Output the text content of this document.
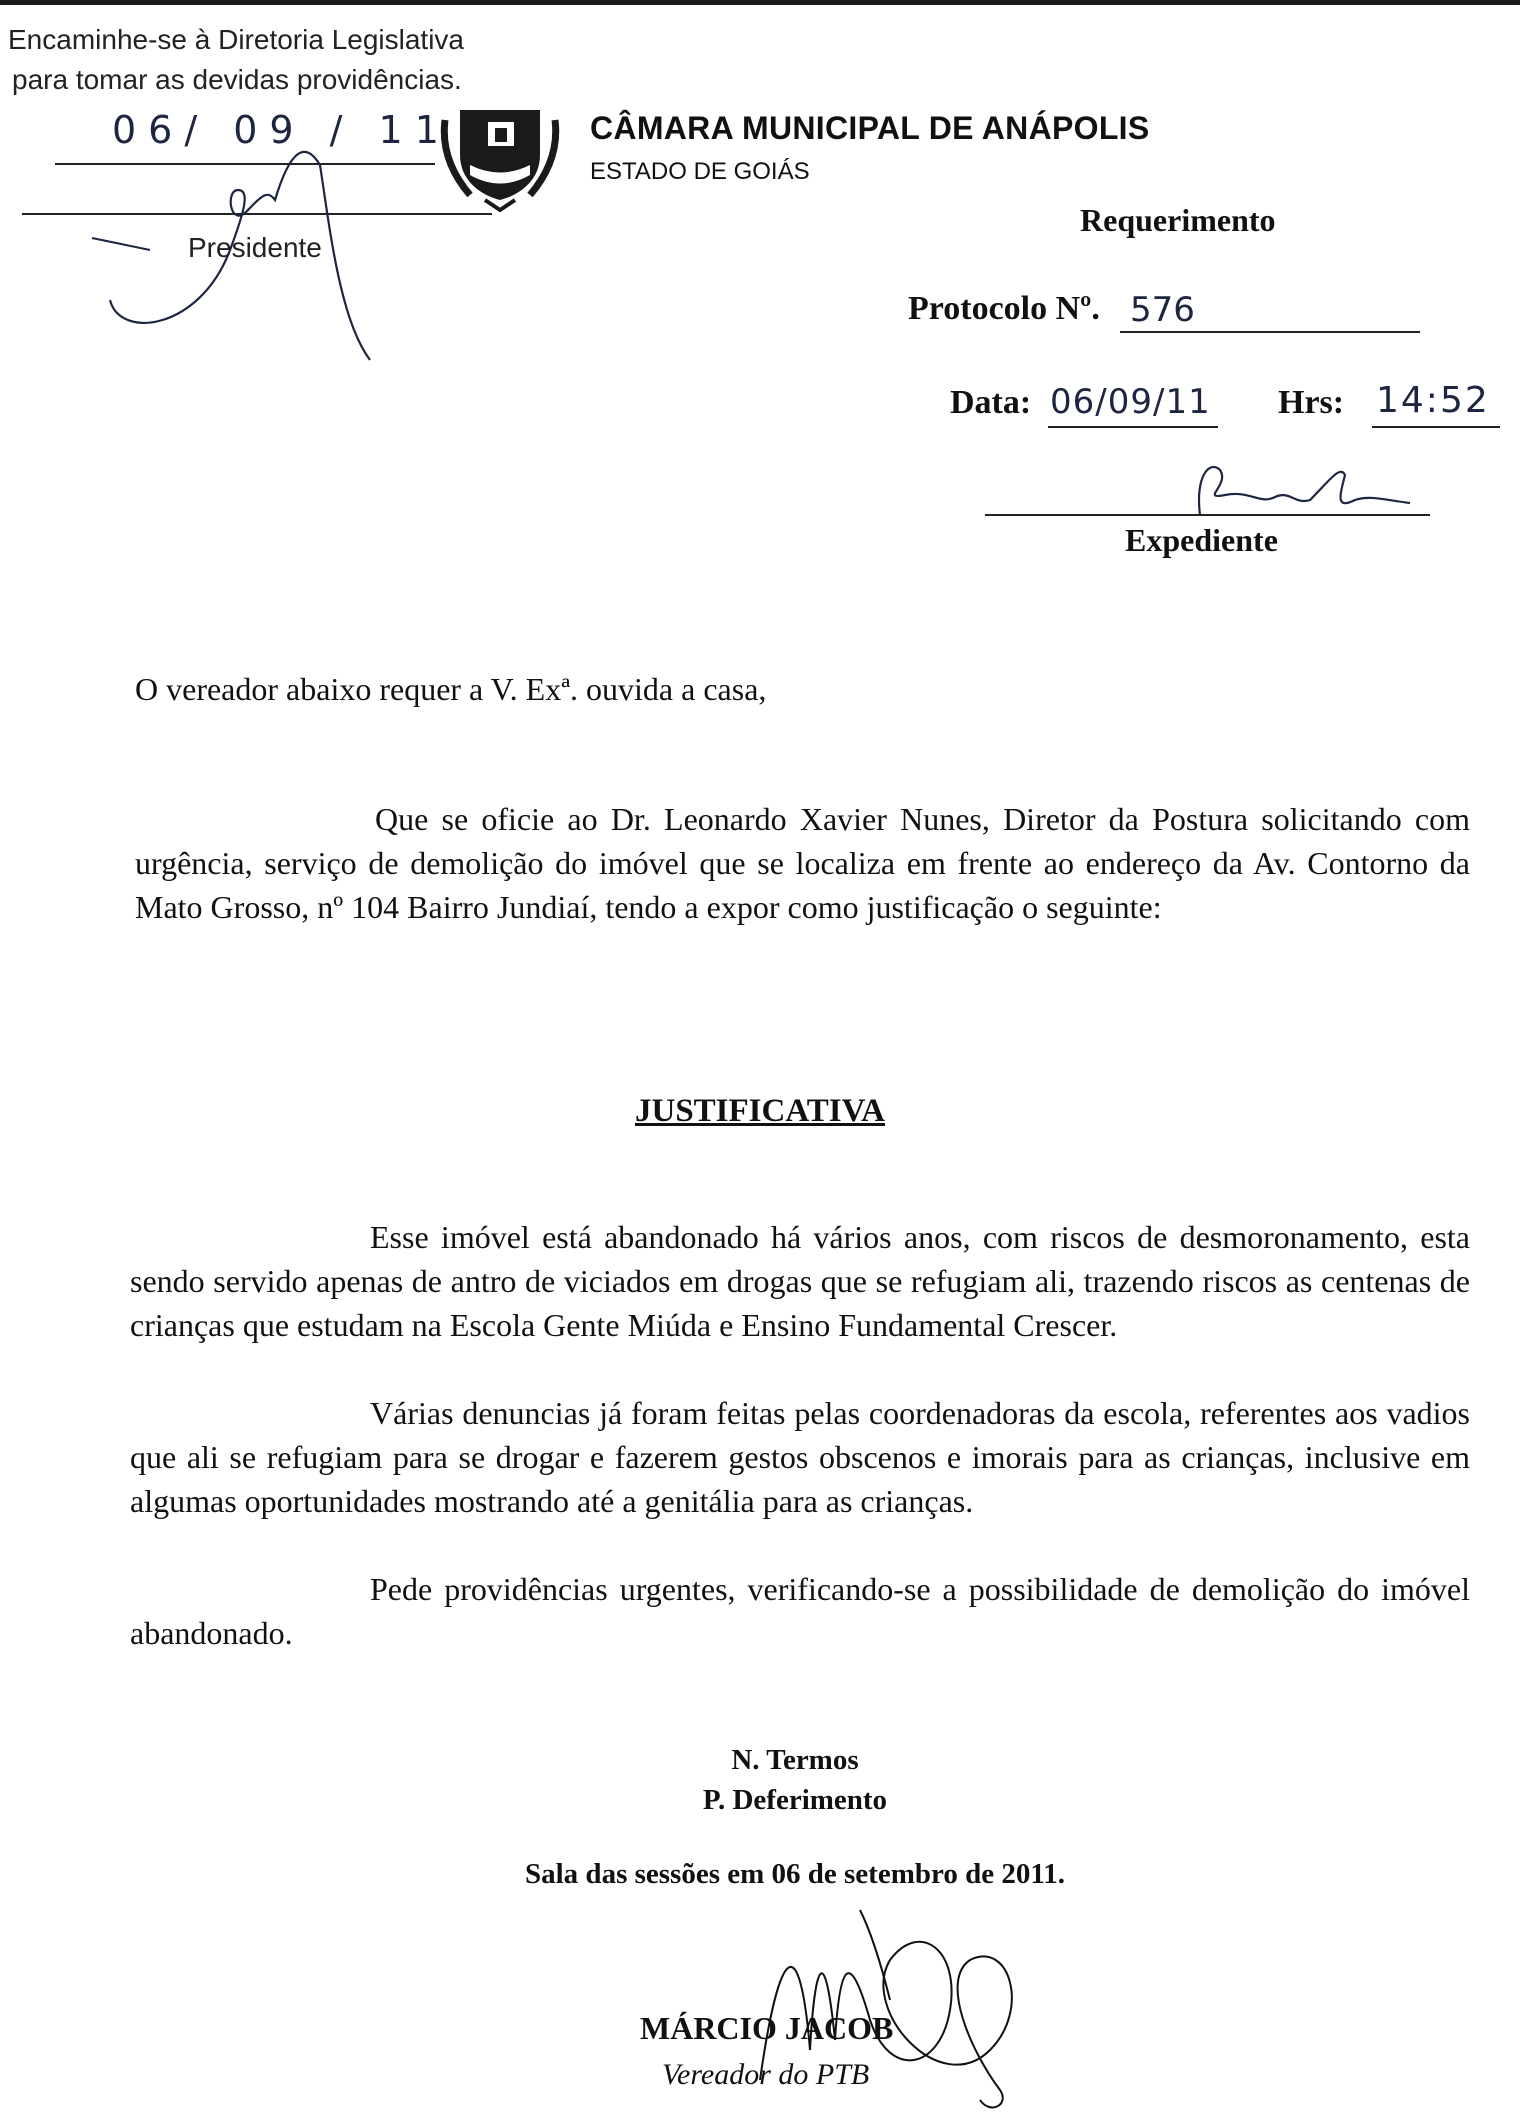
Encaminhe-se à Diretoria Legislativa
para tomar as devidas providências.
06/ 09 / 11
Presidente
CÂMARA MUNICIPAL DE ANÁPOLIS
ESTADO DE GOIÁS
Requerimento
Protocolo Nº. 576
Data: 06/09/11 Hrs: 14:52
Expediente
O vereador abaixo requer a V. Exª. ouvida a casa,
Que se oficie ao Dr. Leonardo Xavier Nunes, Diretor da Postura solicitando com urgência, serviço de demolição do imóvel que se localiza em frente ao endereço da Av. Contorno da Mato Grosso, nº 104 Bairro Jundiaí, tendo a expor como justificação o seguinte:
JUSTIFICATIVA
Esse imóvel está abandonado há vários anos, com riscos de desmoronamento, esta sendo servido apenas de antro de viciados em drogas que se refugiam ali, trazendo riscos as centenas de crianças que estudam na Escola Gente Miúda e Ensino Fundamental Crescer.
Várias denuncias já foram feitas pelas coordenadoras da escola, referentes aos vadios que ali se refugiam para se drogar e fazerem gestos obscenos e imorais para as crianças, inclusive em algumas oportunidades mostrando até a genitália para as crianças.
Pede providências urgentes, verificando-se a possibilidade de demolição do imóvel abandonado.
N. Termos
P. Deferimento
Sala das sessões em 06 de setembro de 2011.
MÁRCIO JACOB
Vereador do PTB
